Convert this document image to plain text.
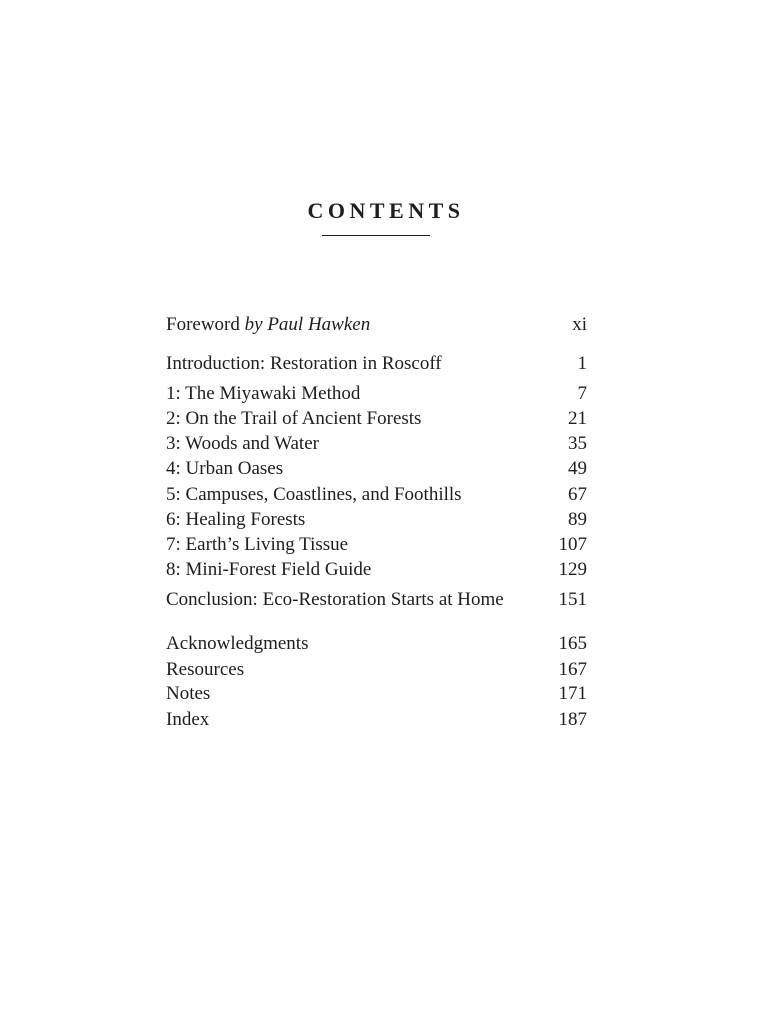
CONTENTS
Foreword by Paul Hawken	xi
Introduction: Restoration in Roscoff	1
1: The Miyawaki Method	7
2: On the Trail of Ancient Forests	21
3: Woods and Water	35
4: Urban Oases	49
5: Campuses, Coastlines, and Foothills	67
6: Healing Forests	89
7: Earth’s Living Tissue	107
8: Mini-Forest Field Guide	129
Conclusion: Eco-Restoration Starts at Home	151
Acknowledgments	165
Resources	167
Notes	171
Index	187
